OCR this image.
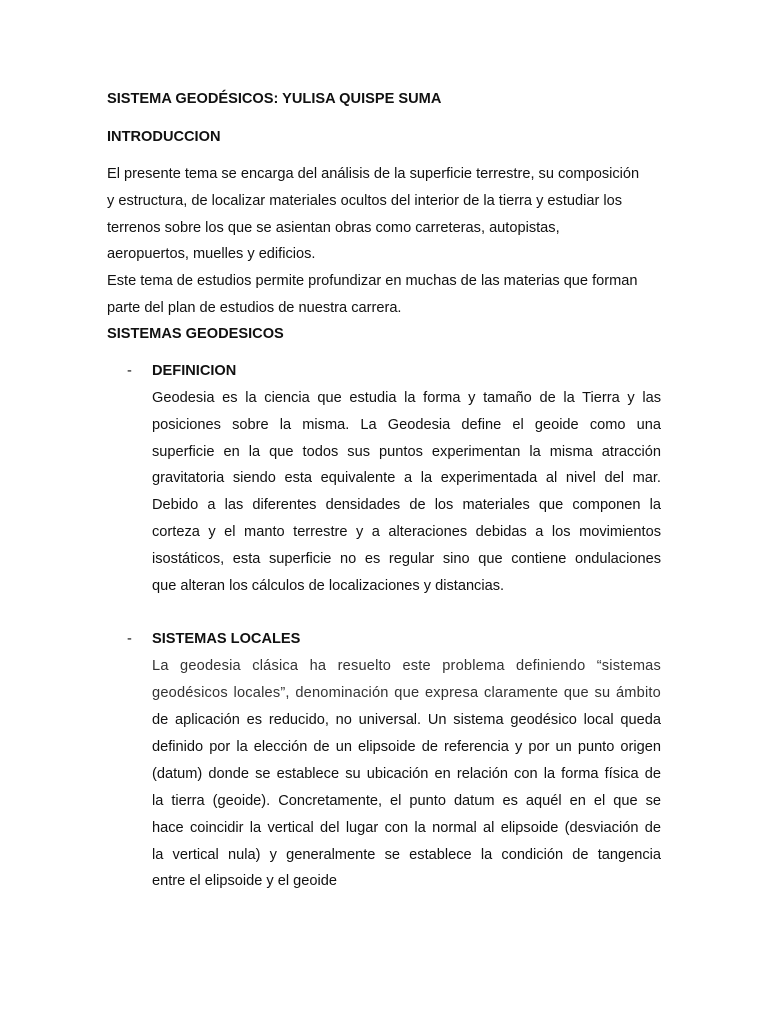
SISTEMA GEODÉSICOS: YULISA QUISPE SUMA
INTRODUCCION
El presente tema se encarga del análisis de la superficie terrestre, su composición
y estructura, de localizar materiales ocultos del interior de la tierra y estudiar los
terrenos sobre los que se asientan obras como carreteras, autopistas,
aeropuertos, muelles y edificios.
Este tema de estudios permite profundizar en muchas de las materias que forman
parte del plan de estudios de nuestra carrera.
SISTEMAS GEODESICOS
- DEFINICION
Geodesia es la ciencia que estudia la forma y tamaño de la Tierra y las
posiciones sobre la misma. La Geodesia define el geoide como una
superficie en la que todos sus puntos experimentan la misma atracción
gravitatoria siendo esta equivalente a la experimentada al nivel del mar.
Debido a las diferentes densidades de los materiales que componen la
corteza y el manto terrestre y a alteraciones debidas a los movimientos
isostáticos, esta superficie no es regular sino que contiene ondulaciones
que alteran los cálculos de localizaciones y distancias.
- SISTEMAS LOCALES
La geodesia clásica ha resuelto este problema definiendo “sistemas
geodésicos locales”, denominación que expresa claramente que su ámbito
de aplicación es reducido, no universal. Un sistema geodésico local queda
definido por la elección de un elipsoide de referencia y por un punto origen
(datum) donde se establece su ubicación en relación con la forma física de
la tierra (geoide). Concretamente, el punto datum es aquél en el que se
hace coincidir la vertical del lugar con la normal al elipsoide (desviación de
la vertical nula) y generalmente se establece la condición de tangencia
entre el elipsoide y el geoide
